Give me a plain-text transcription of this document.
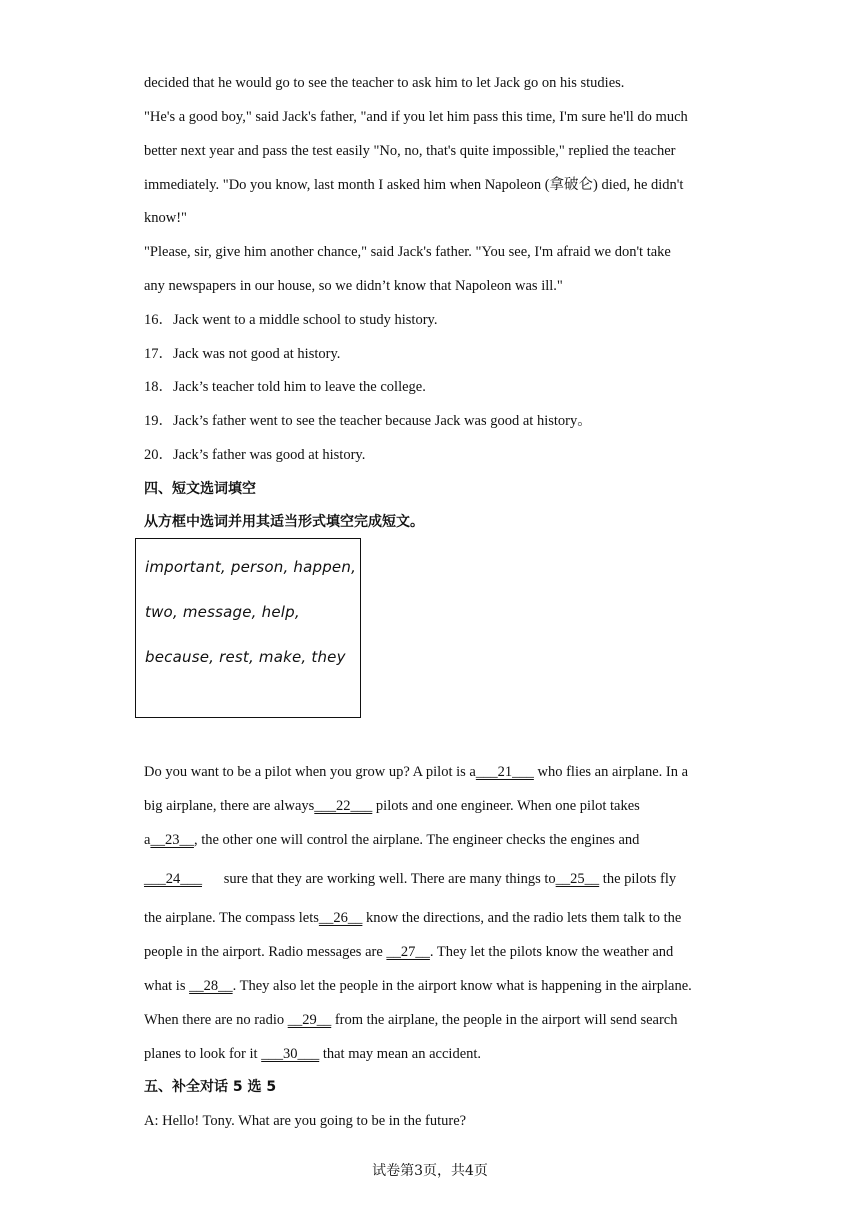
decided that he would go to see the teacher to ask him to let Jack go on his studies.
"He's a good boy," said Jack's father, "and if you let him pass this time, I'm sure he'll do much
better next year and pass the test easily "No, no, that's quite impossible," replied the teacher
immediately. "Do you know, last month I asked him when Napoleon (拿破仑) died, he didn't
know!"
"Please, sir, give him another chance," said Jack's father. "You see, I'm afraid we don't take
any newspapers in our house, so we didn’t know that Napoleon was ill."
16．Jack went to a middle school to study history.
17．Jack was not good at history.
18．Jack’s teacher told him to leave the college.
19．Jack’s father went to see the teacher because Jack was good at history。
20．Jack’s father was good at history.
四、短文选词填空
从方框中选词并用其适当形式填空完成短文。
important, person, happen,
two, message, help,
because, rest, make, they
Do you want to be a pilot when you grow up? A pilot is a___21___ who flies an airplane. In a
big airplane, there are always___22___ pilots and one engineer. When one pilot takes
a__23__, the other one will control the airplane. The engineer checks the engines and
___24___      sure that they are working well. There are many things to__25__ the pilots fly
the airplane. The compass lets__26__ know the directions, and the radio lets them talk to the
people in the airport. Radio messages are __27__. They let the pilots know the weather and
what is __28__. They also let the people in the airport know what is happening in the airplane.
When there are no radio __29__ from the airplane, the people in the airport will send search
planes to look for it ___30___ that may mean an accident.
五、补全对话 5 选 5
A: Hello! Tony. What are you going to be in the future?
试卷第3页，共4页
